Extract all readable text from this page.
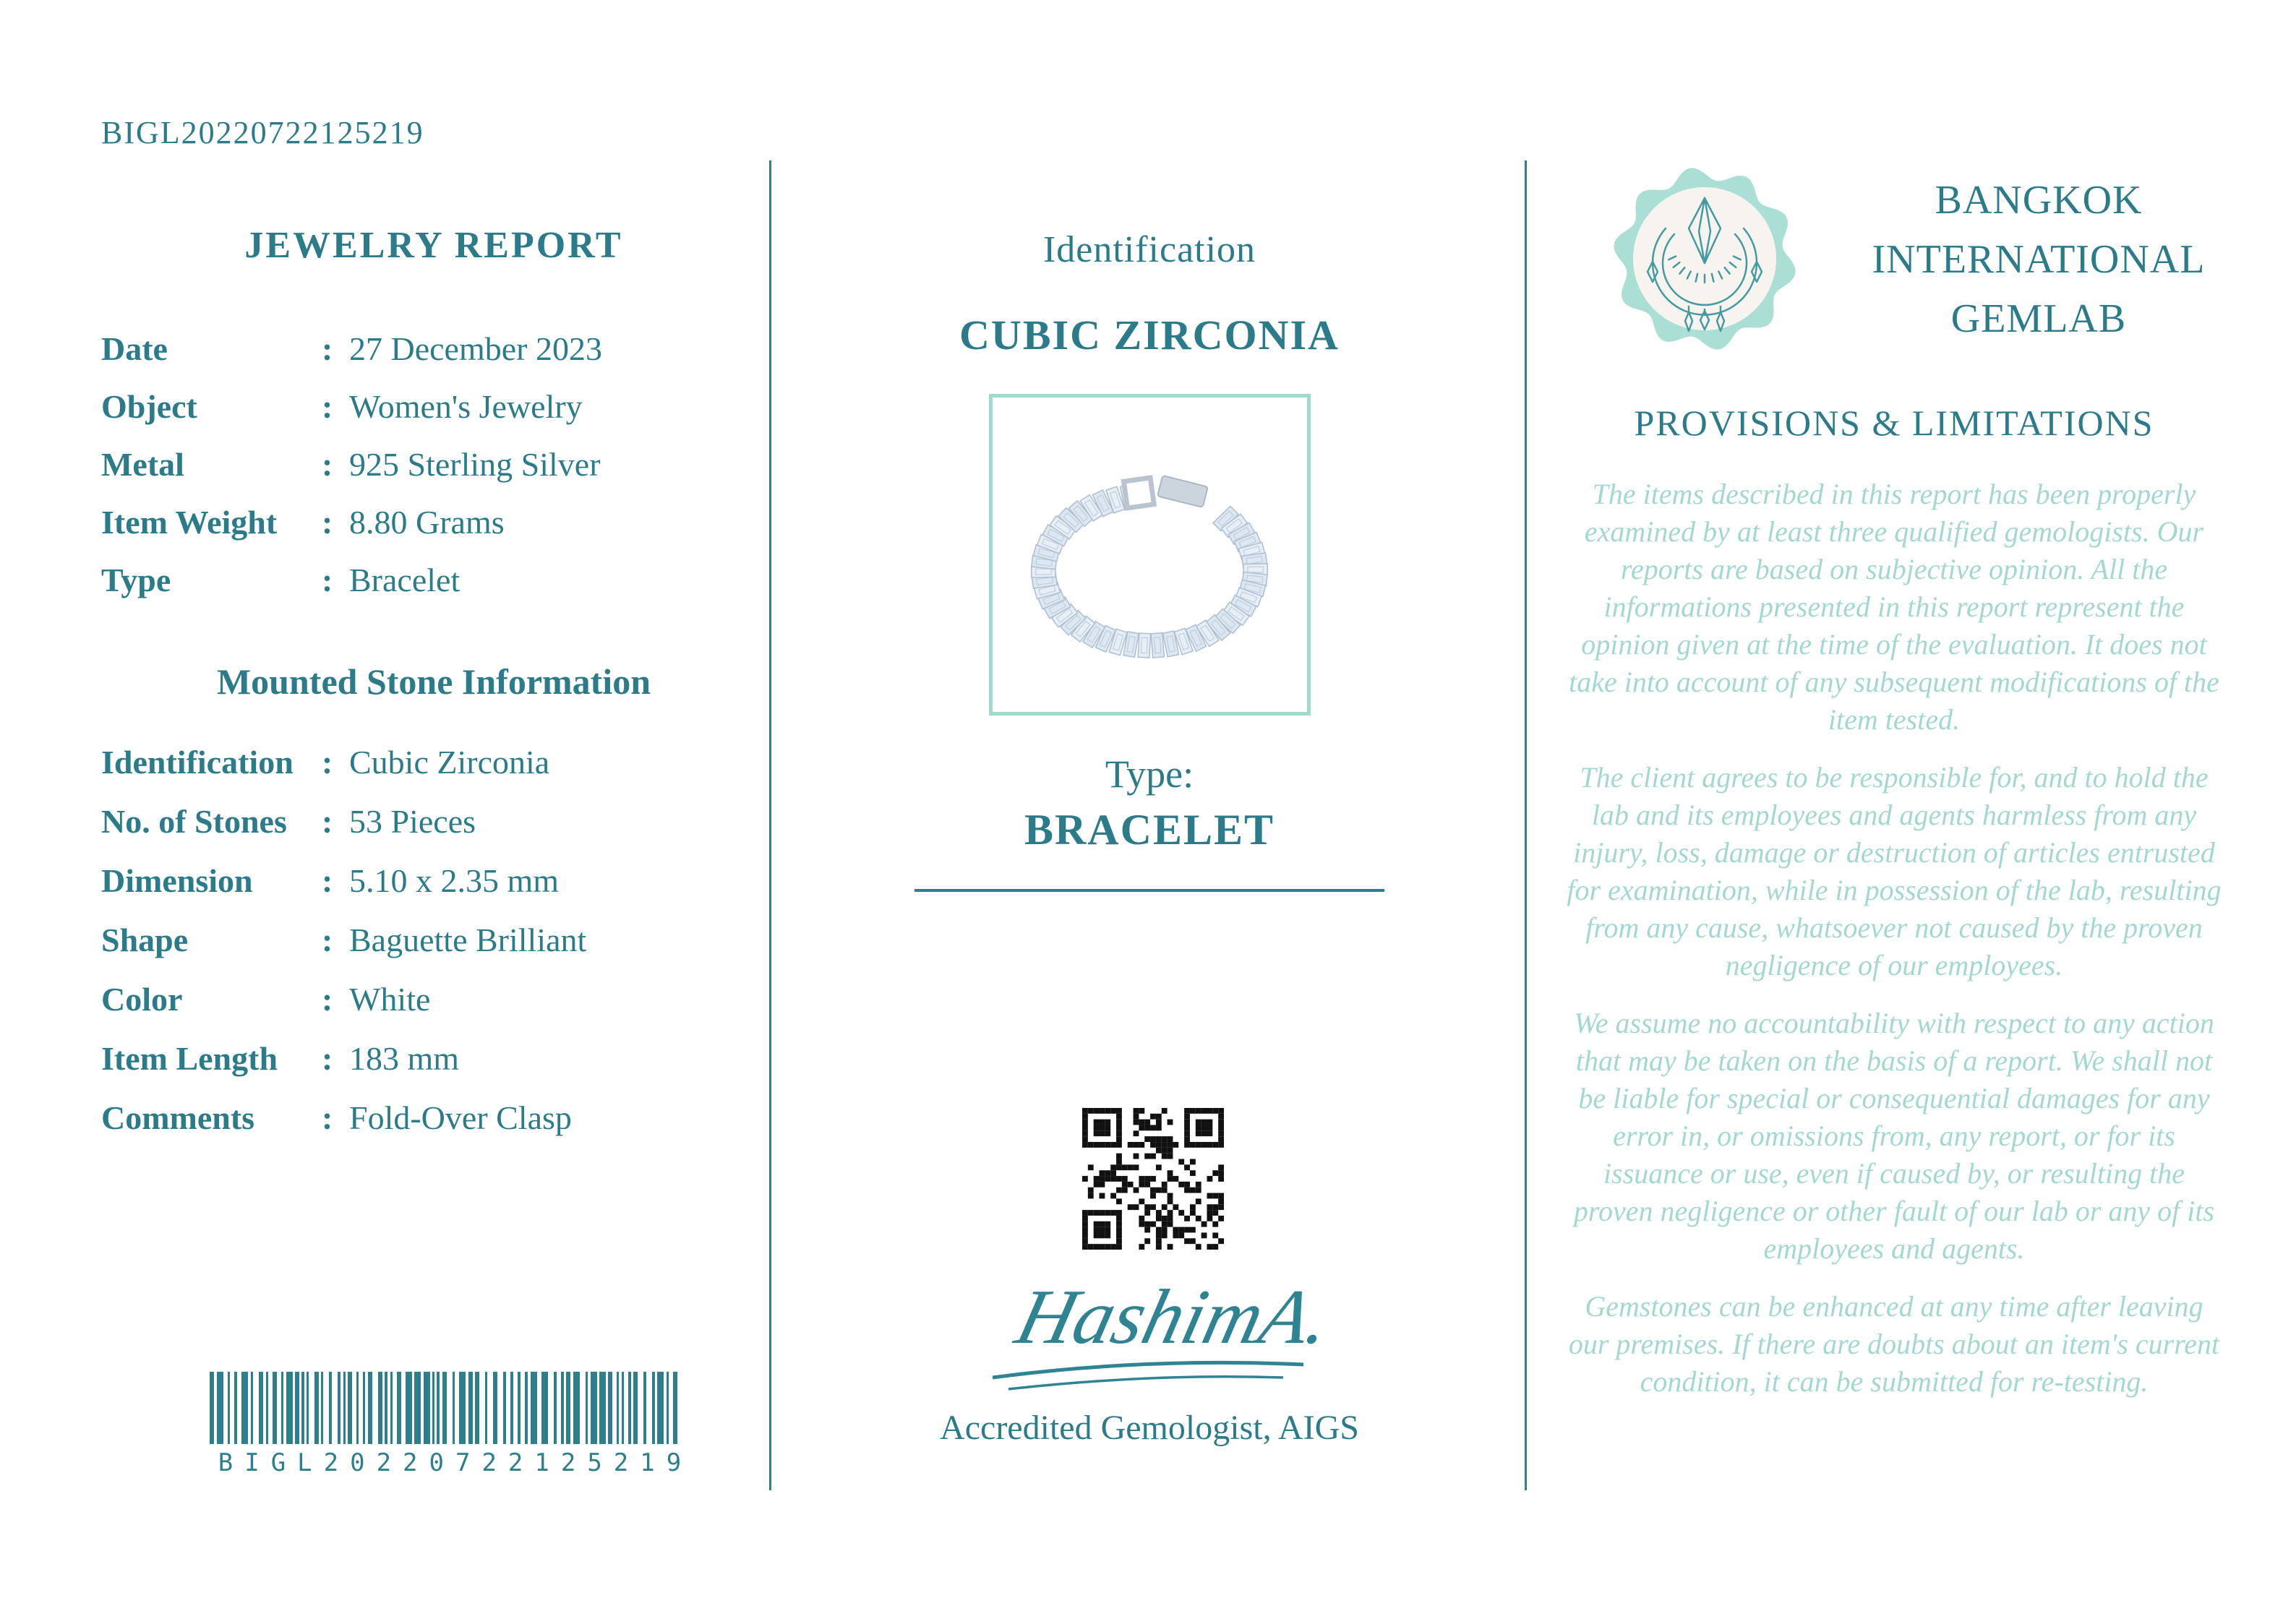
BIGL20220722125219
JEWELRY REPORT
Date	: 27 December 2023
Object	: Women's Jewelry
Metal	: 925 Sterling Silver
Item Weight	: 8.80 Grams
Type	: Bracelet
Mounted Stone Information
Identification : Cubic Zirconia
No. of Stones	: 53 Pieces
Dimension	: 5.10 x 2.35 mm
Shape	: Baguette Brilliant
Color	: White
Item Length	: 183 mm
Comments	: Fold-Over Clasp
BIGL20220722125219
Identification
CUBIC ZIRCONIA
Type:
BRACELET
HashimA.
Accredited Gemologist, AIGS
BANGKOK
INTERNATIONAL
GEMLAB
PROVISIONS & LIMITATIONS

The items described in this report has been properly examined by at least three qualified gemologists. Our reports are based on subjective opinion. All the informations presented in this report represent the opinion given at the time of the evaluation. It does not take into account of any subsequent modifications of the item tested.

The client agrees to be responsible for, and to hold the lab and its employees and agents harmless from any injury, loss, damage or destruction of articles entrusted for examination, while in possession of the lab, resulting from any cause, whatsoever not caused by the proven negligence of our employees.

We assume no accountability with respect to any action that may be taken on the basis of a report. We shall not be liable for special or consequential damages for any error in, or omissions from, any report, or for its issuance or use, even if caused by, or resulting the proven negligence or other fault of our lab or any of its employees and agents.

Gemstones can be enhanced at any time after leaving our premises. If there are doubts about an item's current condition, it can be submitted for re-testing.
